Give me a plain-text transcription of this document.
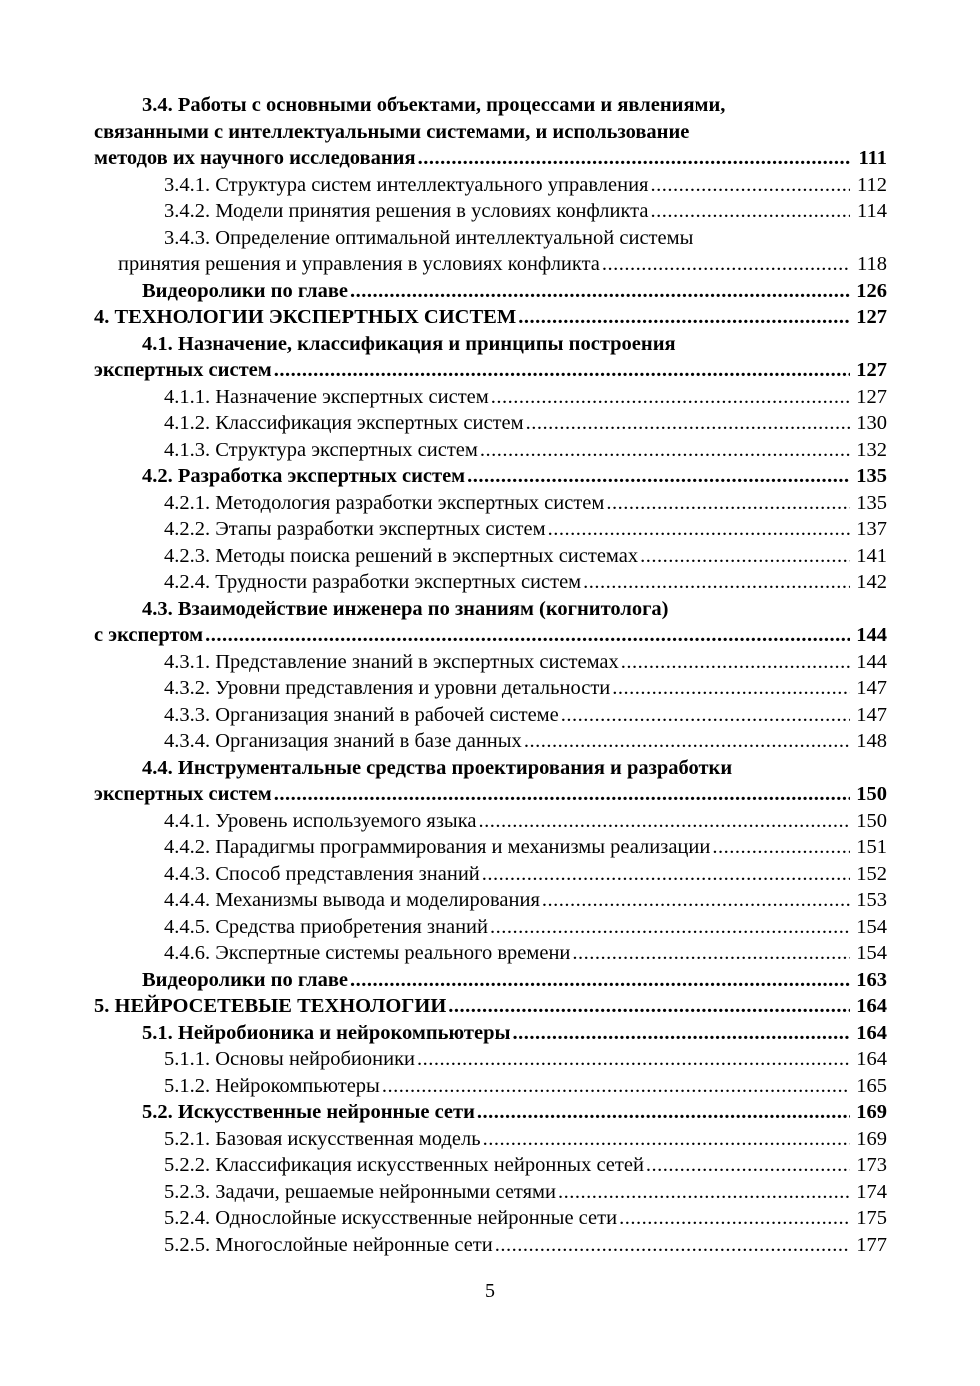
3.4. Работы с основными объектами, процессами и явлениями,
связанными с интеллектуальными системами, и использование
методов их научного исследования .....	111
3.4.1. Структура систем интеллектуального управления .....	112
3.4.2. Модели принятия решения в условиях конфликта .....	114
3.4.3. Определение оптимальной интеллектуальной системы
принятия решения и управления в условиях конфликта .....	118
Видеоролики по главе .....	126
4. ТЕХНОЛОГИИ ЭКСПЕРТНЫХ СИСТЕМ .....	127
4.1. Назначение, классификация и принципы построения
экспертных систем .....	127
4.1.1. Назначение экспертных систем .....	127
4.1.2. Классификация экспертных систем .....	130
4.1.3. Структура экспертных систем .....	132
4.2. Разработка экспертных систем .....	135
4.2.1. Методология разработки экспертных систем .....	135
4.2.2. Этапы разработки экспертных систем .....	137
4.2.3. Методы поиска решений в экспертных системах .....	141
4.2.4. Трудности разработки экспертных систем .....	142
4.3. Взаимодействие инженера по знаниям (когнитолога)
с экспертом .....	144
4.3.1. Представление знаний в экспертных системах .....	144
4.3.2. Уровни представления и уровни детальности .....	147
4.3.3. Организация знаний в рабочей системе .....	147
4.3.4. Организация знаний в базе данных .....	148
4.4. Инструментальные средства проектирования и разработки
экспертных систем .....	150
4.4.1. Уровень используемого языка .....	150
4.4.2. Парадигмы программирования и механизмы реализации .....	151
4.4.3. Способ представления знаний .....	152
4.4.4. Механизмы вывода и моделирования .....	153
4.4.5. Средства приобретения знаний .....	154
4.4.6. Экспертные системы реального времени .....	154
Видеоролики по главе .....	163
5. НЕЙРОСЕТЕВЫЕ ТЕХНОЛОГИИ .....	164
5.1. Нейробионика и нейрокомпьютеры .....	164
5.1.1. Основы нейробионики .....	164
5.1.2. Нейрокомпьютеры .....	165
5.2. Искусственные нейронные сети .....	169
5.2.1. Базовая искусственная модель .....	169
5.2.2. Классификация искусственных нейронных сетей .....	173
5.2.3. Задачи, решаемые нейронными сетями .....	174
5.2.4. Однослойные искусственные нейронные сети .....	175
5.2.5. Многослойные нейронные сети .....	177
5
